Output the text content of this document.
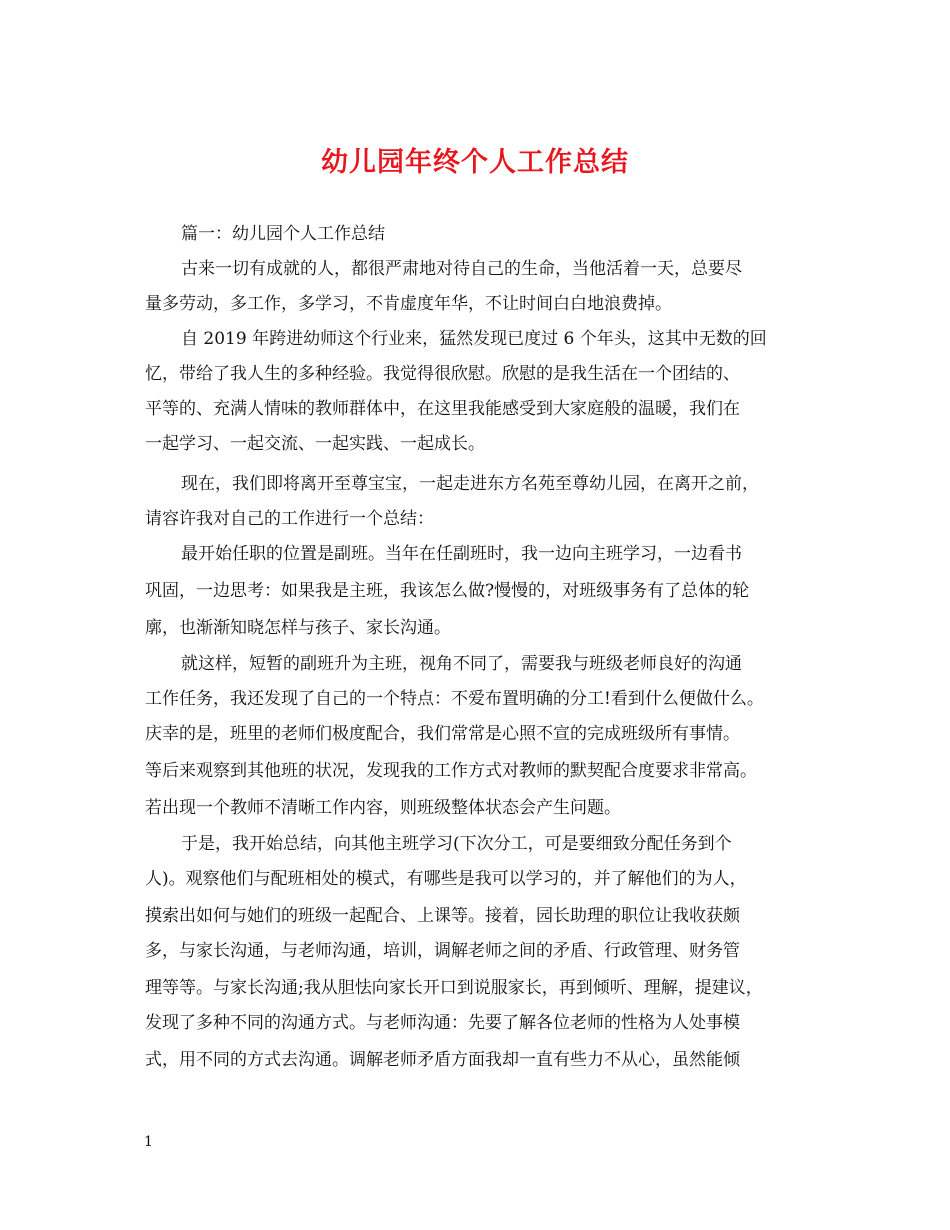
幼儿园年终个人工作总结
篇一：幼儿园个人工作总结
古来一切有成就的人，都很严肃地对待自己的生命，当他活着一天，总要尽
量多劳动，多工作，多学习，不肯虚度年华，不让时间白白地浪费掉。
自 2019 年跨进幼师这个行业来，猛然发现已度过 6 个年头，这其中无数的回
忆，带给了我人生的多种经验。我觉得很欣慰。欣慰的是我生活在一个团结的、
平等的、充满人情味的教师群体中，在这里我能感受到大家庭般的温暖，我们在
一起学习、一起交流、一起实践、一起成长。
现在，我们即将离开至尊宝宝，一起走进东方名苑至尊幼儿园，在离开之前，
请容许我对自己的工作进行一个总结：
最开始任职的位置是副班。当年在任副班时，我一边向主班学习，一边看书
巩固，一边思考：如果我是主班，我该怎么做?慢慢的，对班级事务有了总体的轮
廓，也渐渐知晓怎样与孩子、家长沟通。
就这样，短暂的副班升为主班，视角不同了，需要我与班级老师良好的沟通
工作任务，我还发现了自己的一个特点：不爱布置明确的分工!看到什么便做什么。
庆幸的是，班里的老师们极度配合，我们常常是心照不宣的完成班级所有事情。
等后来观察到其他班的状况，发现我的工作方式对教师的默契配合度要求非常高。
若出现一个教师不清晰工作内容，则班级整体状态会产生问题。
于是，我开始总结，向其他主班学习(下次分工，可是要细致分配任务到个
人)。观察他们与配班相处的模式，有哪些是我可以学习的，并了解他们的为人，
摸索出如何与她们的班级一起配合、上课等。接着，园长助理的职位让我收获颇
多，与家长沟通，与老师沟通，培训，调解老师之间的矛盾、行政管理、财务管
理等等。与家长沟通;我从胆怯向家长开口到说服家长，再到倾听、理解，提建议，
发现了多种不同的沟通方式。与老师沟通：先要了解各位老师的性格为人处事模
式，用不同的方式去沟通。调解老师矛盾方面我却一直有些力不从心，虽然能倾
1
